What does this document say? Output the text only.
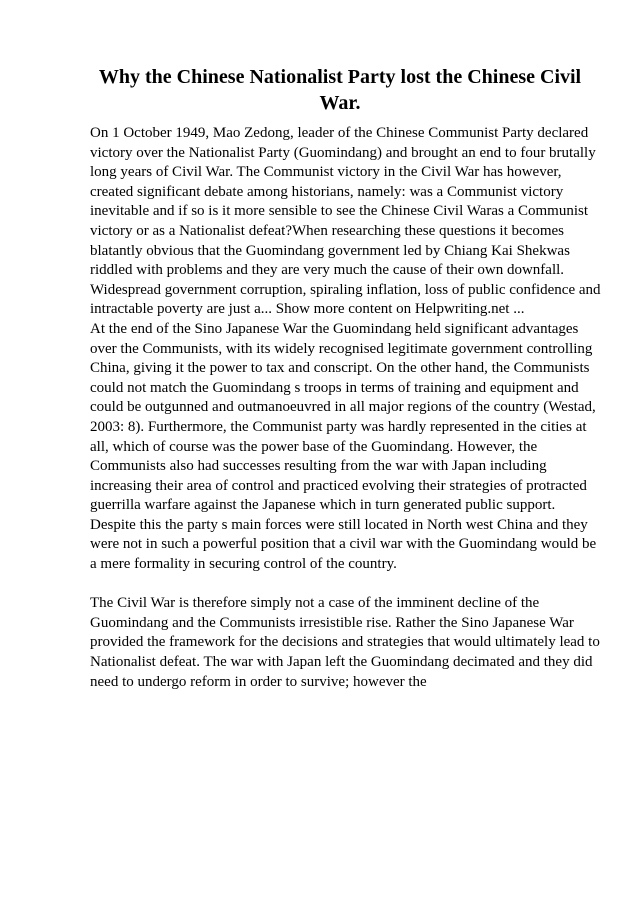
Why the Chinese Nationalist Party lost the Chinese Civil
War.

On 1 October 1949, Mao Zedong, leader of the Chinese Communist Party declared
victory over the Nationalist Party (Guomindang) and brought an end to four brutally
long years of Civil War. The Communist victory in the Civil War has however,
created significant debate among historians, namely: was a Communist victory
inevitable and if so is it more sensible to see the Chinese Civil Waras a Communist
victory or as a Nationalist defeat?When researching these questions it becomes
blatantly obvious that the Guomindang government led by Chiang Kai Shekwas
riddled with problems and they are very much the cause of their own downfall.
Widespread government corruption, spiraling inflation, loss of public confidence and
intractable poverty are just a... Show more content on Helpwriting.net ...

At the end of the Sino Japanese War the Guomindang held significant advantages
over the Communists, with its widely recognised legitimate government controlling
China, giving it the power to tax and conscript. On the other hand, the Communists
could not match the Guomindang s troops in terms of training and equipment and
could be outgunned and outmanoeuvred in all major regions of the country (Westad,
2003: 8). Furthermore, the Communist party was hardly represented in the cities at
all, which of course was the power base of the Guomindang. However, the
Communists also had successes resulting from the war with Japan including
increasing their area of control and practiced evolving their strategies of protracted
guerrilla warfare against the Japanese which in turn generated public support.
Despite this the party s main forces were still located in North west China and they
were not in such a powerful position that a civil war with the Guomindang would be
a mere formality in securing control of the country.

The Civil War is therefore simply not a case of the imminent decline of the
Guomindang and the Communists irresistible rise. Rather the Sino Japanese War
provided the framework for the decisions and strategies that would ultimately lead to
Nationalist defeat. The war with Japan left the Guomindang decimated and they did
need to undergo reform in order to survive; however the
